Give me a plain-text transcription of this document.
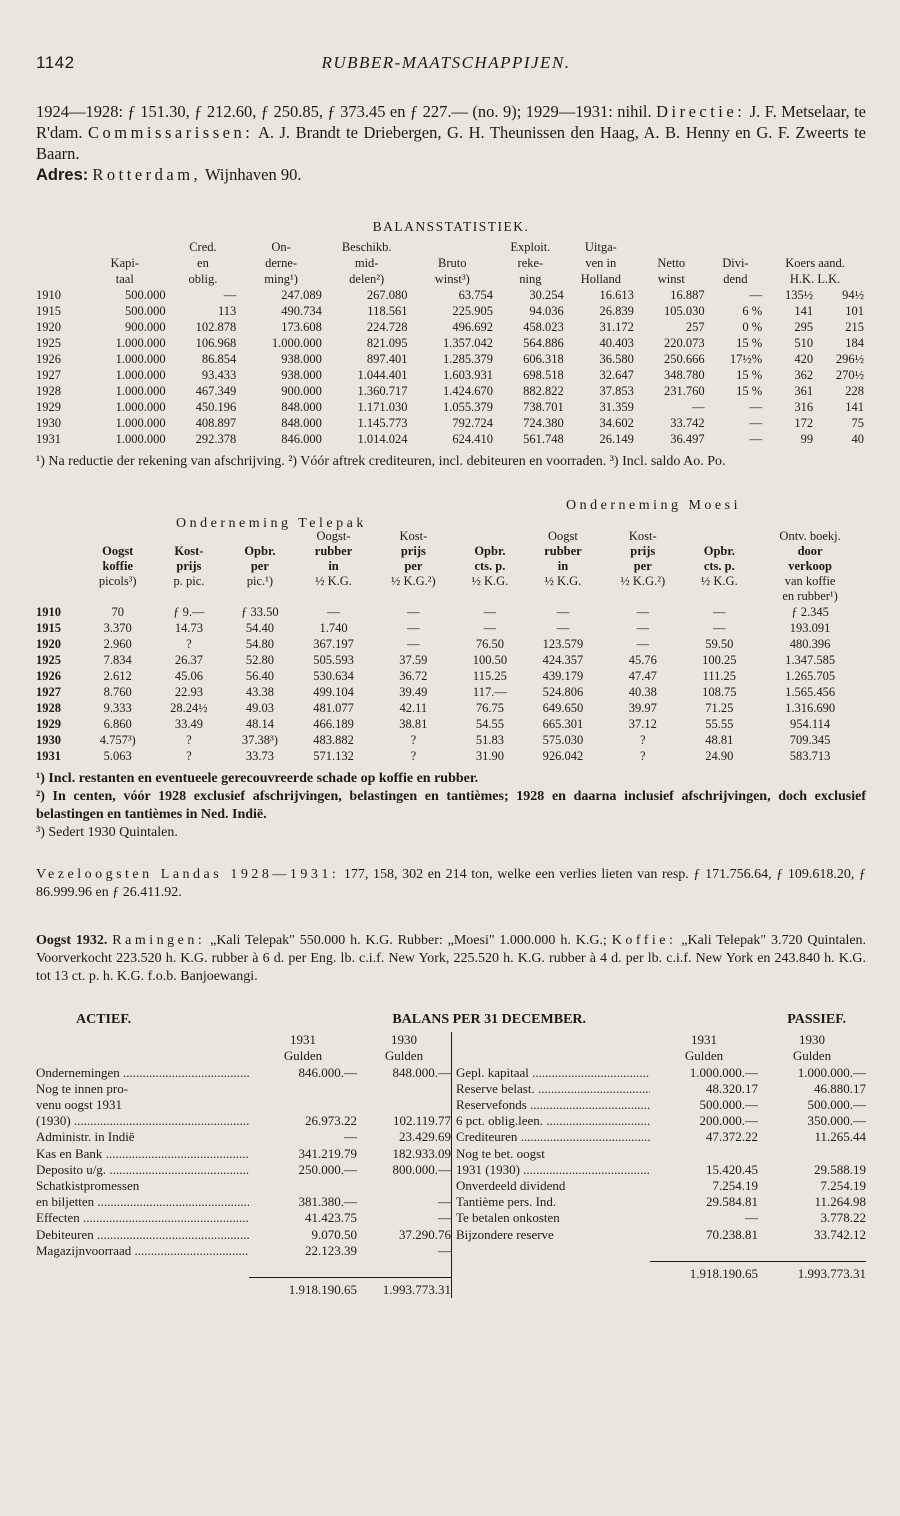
1142	RUBBER-MAATSCHAPPIJEN.

1924—1928: ƒ 151.30, ƒ 212.60, ƒ 250.85, ƒ 373.45 en ƒ 227.— (no. 9); 1929—1931: nihil. Directie: J. F. Metselaar, te R'dam. Commissarissen: A. J. Brandt te Driebergen, G. H. Theunissen den Haag, A. B. Henny en G. F. Zweerts te Baarn.

Adres: Rotterdam, Wijnhaven 90.

BALANSSTATISTIEK.
		Cred.	On-	Beschikb.		Exploit.	Uitga-				
	Kapi-	en	derne-	mid-	Bruto	reke-	ven in	Netto	Divi-	Koers aand.	
	taal	oblig.	ming¹)	delen²)	winst³)	ning	Holland	winst	dend	H.K. L.K.	
1910	500.000	—	247.089	267.080	63.754	30.254	16.613	16.887	—	135½	94½
1915	500.000	113	490.734	118.561	225.905	94.036	26.839	105.030	6 %	141	101
1920	900.000	102.878	173.608	224.728	496.692	458.023	31.172	257	0 %	295	215
1925	1.000.000	106.968	1.000.000	821.095	1.357.042	564.886	40.403	220.073	15 %	510	184
1926	1.000.000	86.854	938.000	897.401	1.285.379	606.318	36.580	250.666	17½%	420	296½
1927	1.000.000	93.433	938.000	1.044.401	1.603.931	698.518	32.647	348.780	15 %	362	270½
1928	1.000.000	467.349	900.000	1.360.717	1.424.670	882.822	37.853	231.760	15 %	361	228
1929	1.000.000	450.196	848.000	1.171.030	1.055.379	738.701	31.359	—	—	316	141
1930	1.000.000	408.897	848.000	1.145.773	792.724	724.380	34.602	33.742	—	172	75
1931	1.000.000	292.378	846.000	1.014.024	624.410	561.748	26.149	36.497	—	99	40

¹) Na reductie der rekening van afschrijving. ²) Vóór aftrek crediteuren, incl. debiteuren en voorraden. ³) Incl. saldo Ao. Po.

Onderneming Moesi
Onderneming Telepak
				Oogst-	Kost-		Oogst	Kost-		Ontv. boekj.
	Oogst	Kost-	Opbr.	rubber	prijs	Opbr.	rubber	prijs	Opbr.	door
	koffie	prijs	per	in	per	cts. p.	in	per	cts. p.	verkoop
	picols³)	p. pic.	pic.¹)	½ K.G.	½ K.G.²)	½ K.G.	½ K.G.	½ K.G.²)	½ K.G.	van koffie
										en rubber¹)
1910	70	ƒ 9.—	ƒ 33.50	—	—	—	—	—	—	ƒ 2.345
1915	3.370	14.73	54.40	1.740	—	—	—	—	—	193.091
1920	2.960	?	54.80	367.197	—	76.50	123.579	—	59.50	480.396
1925	7.834	26.37	52.80	505.593	37.59	100.50	424.357	45.76	100.25	1.347.585
1926	2.612	45.06	56.40	530.634	36.72	115.25	439.179	47.47	111.25	1.265.705
1927	8.760	22.93	43.38	499.104	39.49	117.—	524.806	40.38	108.75	1.565.456
1928	9.333	28.24½	49.03	481.077	42.11	76.75	649.650	39.97	71.25	1.316.690
1929	6.860	33.49	48.14	466.189	38.81	54.55	665.301	37.12	55.55	954.114
1930	4.757³)	?	37.38³)	483.882	?	51.83	575.030	?	48.81	709.345
1931	5.063	?	33.73	571.132	?	31.90	926.042	?	24.90	583.713

¹) Incl. restanten en eventueele gerecouvreerde schade op koffie en rubber.

²) In centen, vóór 1928 exclusief afschrijvingen, belastingen en tantièmes; 1928 en daarna inclusief afschrijvingen, doch exclusief belastingen en tantièmes in Ned. Indië.

³) Sedert 1930 Quintalen.

Vezeloogsten Landas 1928—1931: 177, 158, 302 en 214 ton, welke een verlies lieten van resp. ƒ 171.756.64, ƒ 109.618.20, ƒ 86.999.96 en ƒ 26.411.92.

Oogst 1932. Ramingen: „Kali Telepak" 550.000 h. K.G. Rubber: „Moesi" 1.000.000 h. K.G.; Koffie: „Kali Telepak" 3.720 Quintalen. Voorverkocht 223.520 h. K.G. rubber à 6 d. per Eng. lb. c.i.f. New York, 225.520 h. K.G. rubber à 4 d. per lb. c.i.f. New York en 243.840 h. K.G. tot 13 ct. p. h. K.G. f.o.b. Banjoewangi.

ACTIEF.	BALANS PER 31 DECEMBER.	PASSIEF.
1931	1930
Gulden	Gulden
Ondernemingen .....	846.000.—	848.000.—
Nog te innen pro-
venu oogst 1931
(1930) .....	26.973.22	102.119.77
Administr. in Indië	—	23.429.69
Kas en Bank .....	341.219.79	182.933.09
Deposito u/g. .....	250.000.—	800.000.—
Schatkistpromessen
en biljetten .....	381.380.—	—
Effecten .....	41.423.75	—
Debiteuren .....	9.070.50	37.290.76
Magazijnvoorraad .....	22.123.39	—
1.918.190.65	1.993.773.31
1931	1930
Gulden	Gulden
Gepl. kapitaal .....	1.000.000.—	1.000.000.—
Reserve belast. .....	48.320.17	46.880.17
Reservefonds .....	500.000.—	500.000.—
6 pct. oblig.leen. .....	200.000.—	350.000.—
Crediteuren .....	47.372.22	11.265.44
Nog te bet. oogst
1931 (1930) .....	15.420.45	29.588.19
Onverdeeld dividend	7.254.19	7.254.19
Tantième pers. Ind.	29.584.81	11.264.98
Te betalen onkosten	—	3.778.22
Bijzondere reserve	70.238.81	33.742.12
1.918.190.65	1.993.773.31
